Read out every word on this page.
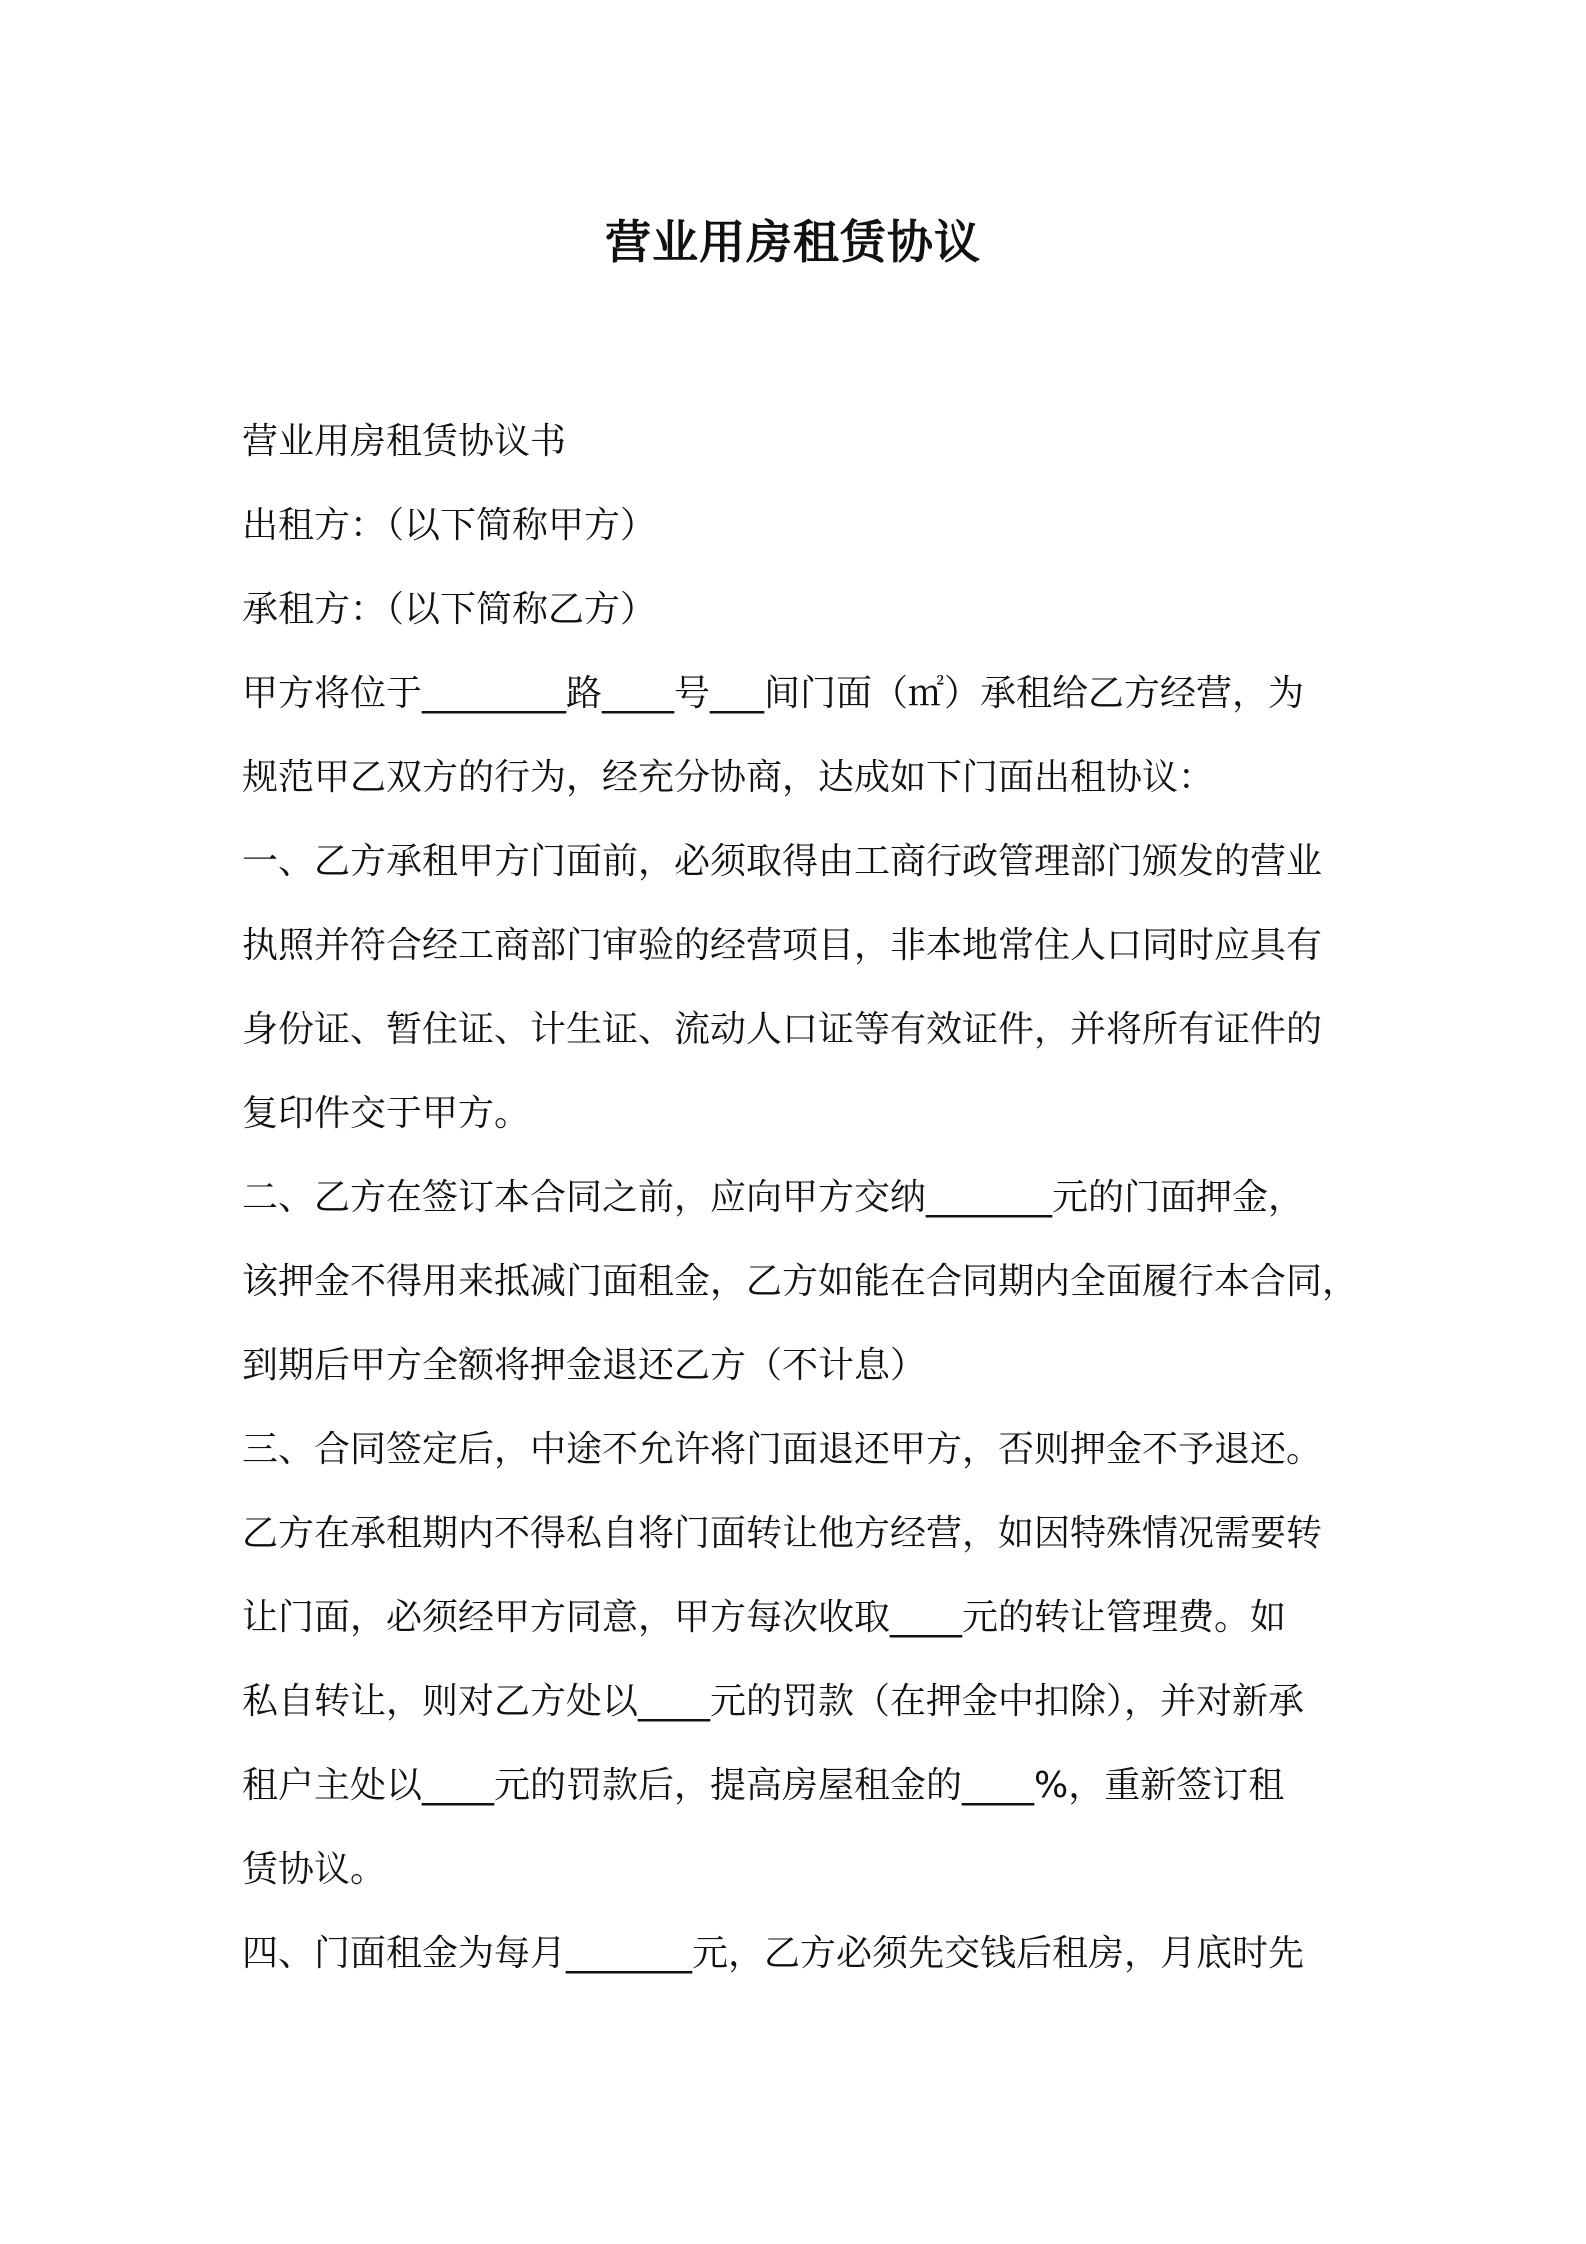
营业用房租赁协议

营业用房租赁协议书

出租方：（以下简称甲方）

承租方：（以下简称乙方）

甲方将位于________路____号___间门面（㎡）承租给乙方经营，为

规范甲乙双方的行为，经充分协商，达成如下门面出租协议：

一、乙方承租甲方门面前，必须取得由工商行政管理部门颁发的营业

执照并符合经工商部门审验的经营项目，非本地常住人口同时应具有

身份证、暂住证、计生证、流动人口证等有效证件，并将所有证件的

复印件交于甲方。

二、乙方在签订本合同之前，应向甲方交纳_______元的门面押金，

该押金不得用来抵减门面租金，乙方如能在合同期内全面履行本合同，

到期后甲方全额将押金退还乙方（不计息）

三、合同签定后，中途不允许将门面退还甲方，否则押金不予退还。

乙方在承租期内不得私自将门面转让他方经营，如因特殊情况需要转

让门面，必须经甲方同意，甲方每次收取____元的转让管理费。如

私自转让，则对乙方处以____元的罚款（在押金中扣除），并对新承

租户主处以____元的罚款后，提高房屋租金的____%，重新签订租

赁协议。

四、门面租金为每月_______元，乙方必须先交钱后租房，月底时先
